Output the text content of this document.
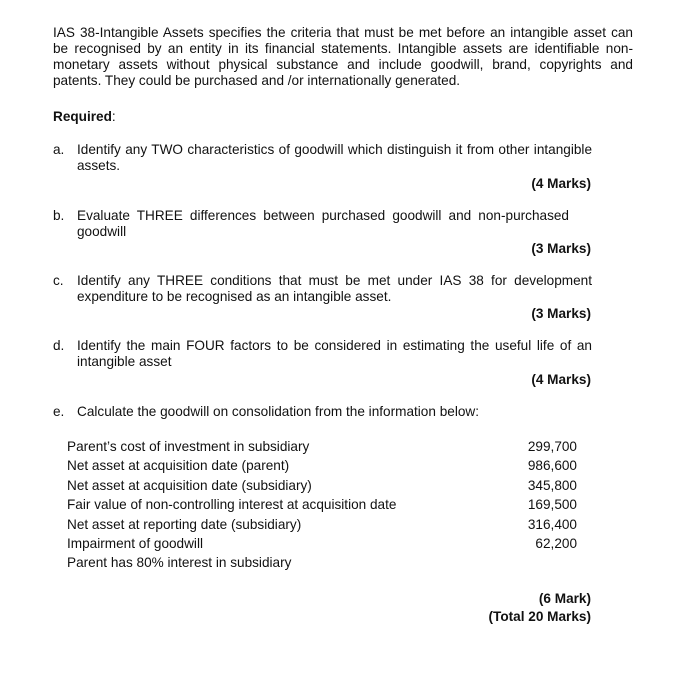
IAS 38-Intangible Assets specifies the criteria that must be met before an intangible asset can be recognised by an entity in its financial statements. Intangible assets are identifiable non- monetary assets without physical substance and include goodwill, brand, copyrights and patents. They could be purchased and /or internationally generated.
Required:
a. Identify any TWO characteristics of goodwill which distinguish it from other intangible assets.
(4 Marks)
b. Evaluate THREE differences between purchased goodwill and non-purchased goodwill
(3 Marks)
c. Identify any THREE conditions that must be met under IAS 38 for development expenditure to be recognised as an intangible asset.
(3 Marks)
d. Identify the main FOUR factors to be considered in estimating the useful life of an intangible asset
(4 Marks)
e. Calculate the goodwill on consolidation from the information below:
Parent’s cost of investment in subsidiary	299,700
Net asset at acquisition date (parent)	986,600
Net asset at acquisition date (subsidiary)	345,800
Fair value of non-controlling interest at acquisition date	169,500
Net asset at reporting date (subsidiary)	316,400
Impairment of goodwill	62,200
Parent has 80% interest in subsidiary
(6 Mark)
(Total 20 Marks)
